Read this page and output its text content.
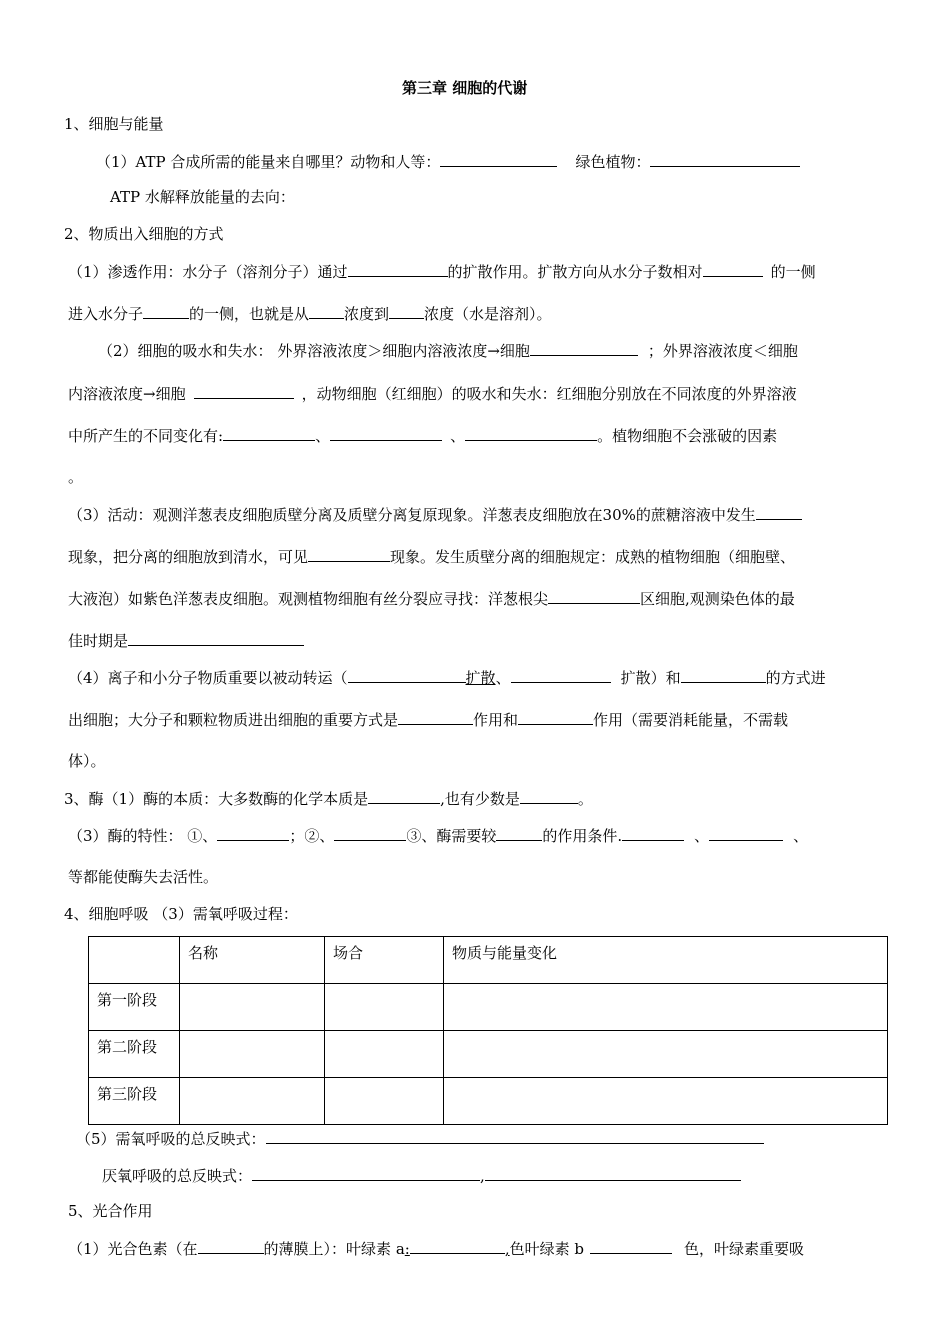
第三章 细胞的代谢
1、细胞与能量
（1）ATP 合成所需的能量来自哪里？动物和人等：	绿色植物：
ATP 水解释放能量的去向：
2、物质出入细胞的方式
（1）渗透作用：水分子（溶剂分子）通过	的扩散作用。扩散方向从水分子数相对	的一侧
进入水分子	的一侧，也就是从 浓度到 浓度（水是溶剂）。
（2）细胞的吸水和失水： 外界溶液浓度＞细胞内溶液浓度→细胞	；外界溶液浓度＜细胞
内溶液浓度→细胞	，动物细胞（红细胞）的吸水和失水：红细胞分别放在不同浓度的外界溶液
中所产生的不同变化有:	、	、	。植物细胞不会涨破的因素
。
（3）活动：观测洋葱表皮细胞质壁分离及质壁分离复原现象。洋葱表皮细胞放在30%的蔗糖溶液中发生
现象，把分离的细胞放到清水，可见	现象。发生质壁分离的细胞规定：成熟的植物细胞（细胞壁、
大液泡）如紫色洋葱表皮细胞。观测植物细胞有丝分裂应寻找：洋葱根尖	区细胞,观测染色体的最
佳时期是
（4）离子和小分子物质重要以被动转运（	扩散、	扩散）和	的方式进
出细胞；大分子和颗粒物质进出细胞的重要方式是	作用和	作用（需要消耗能量，不需载
体）。
3、酶（1）酶的本质：大多数酶的化学本质是	,也有少数是	。
（3）酶的特性： ①、	；②、	③、酶需要较	的作用条件.	、	、
等都能使酶失去活性。
4、细胞呼吸 （3）需氧呼吸过程：
	名称	场合	物质与能量变化
第一阶段			
第二阶段			
第三阶段			
（5）需氧呼吸的总反映式：
厌氧呼吸的总反映式：	,
5、光合作用
（1）光合色素（在	的薄膜上）：叶绿素 a:	,色叶绿素 b	色，叶绿素重要吸
